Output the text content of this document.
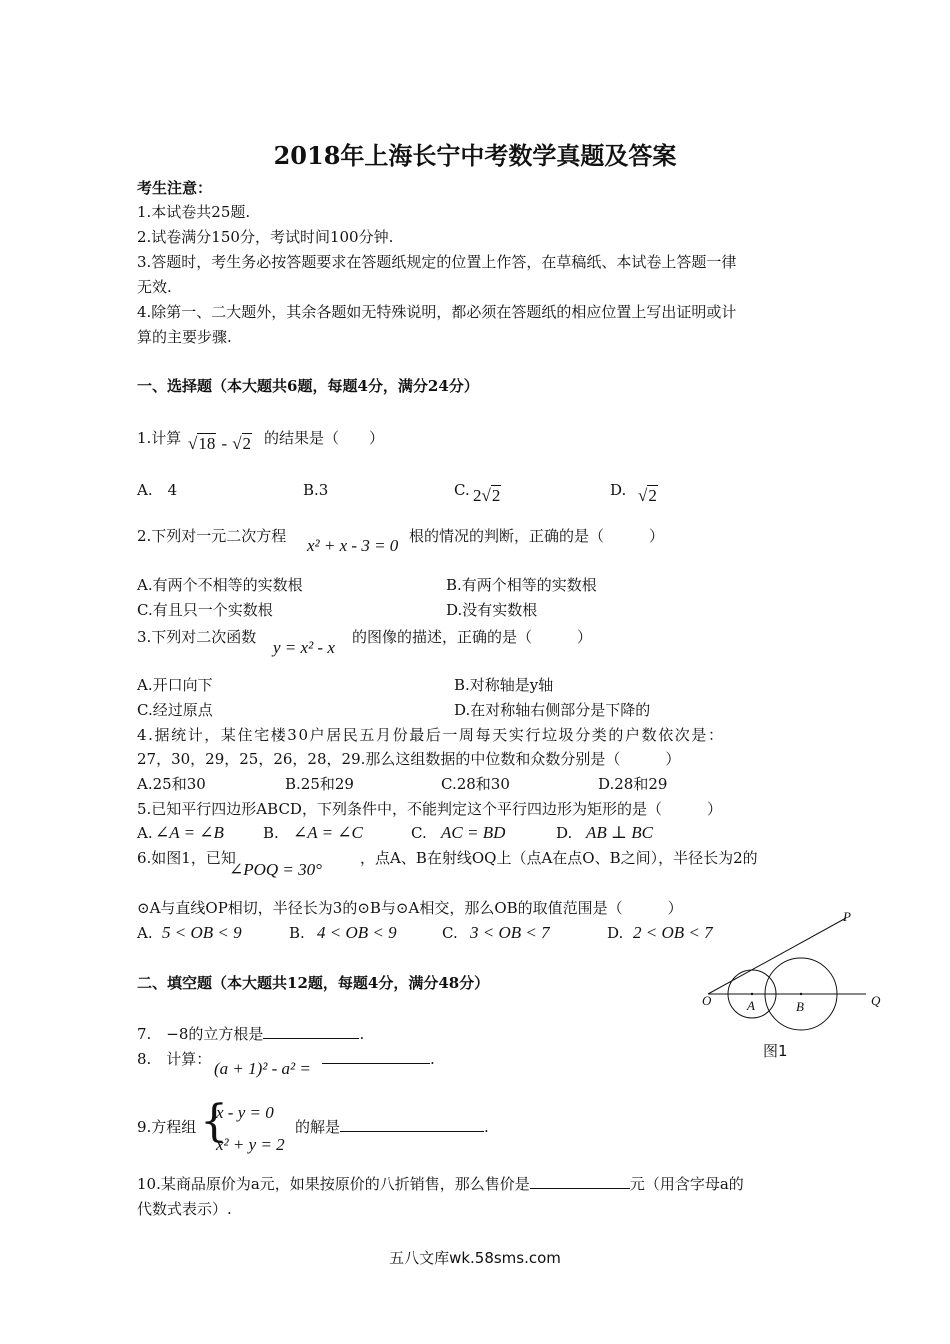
2018年上海长宁中考数学真题及答案
考生注意：
1.本试卷共25题.
2.试卷满分150分，考试时间100分钟.
3.答题时，考生务必按答题要求在答题纸规定的位置上作答，在草稿纸、本试卷上答题一律
无效.
4.除第一、二大题外，其余各题如无特殊说明，都必须在答题纸的相应位置上写出证明或计
算的主要步骤.
一、选择题（本大题共6题，每题4分，满分24分）
1.计算 √18 - √2 的结果是（　　）
A.　4	B.3	C. 2√2	D. √2
2.下列对一元二次方程 x² + x - 3 = 0 根的情况的判断，正确的是（　　　）
A.有两个不相等的实数根	B.有两个相等的实数根
C.有且只一个实数根	D.没有实数根
3.下列对二次函数
y = x² - x
的图像的描述，正确的是（　　　）
A.开口向下	B.对称轴是y轴
C.经过原点	D.在对称轴右侧部分是下降的
4.据统计，某住宅楼30户居民五月份最后一周每天实行垃圾分类的户数依次是：
27，30，29，25，26，28，29.那么这组数据的中位数和众数分别是（　　　）
A.25和30	B.25和29	C.28和30	D.28和29
5.已知平行四边形ABCD，下列条件中，不能判定这个平行四边形为矩形的是（　　　）
A. ∠A = ∠B	B. ∠A = ∠C	C. AC = BD	D. AB ⊥ BC
6.如图1，已知
∠POQ = 30°
，点A、B在射线OQ上（点A在点O、B之间），半径长为2的
⊙A与直线OP相切，半径长为3的⊙B与⊙A相交，那么OB的取值范围是（　　　）
A. 5 < OB < 9	B. 4 < OB < 9	C. 3 < OB < 7	D. 2 < OB < 7
P
O	A	B	Q
图1
二、填空题（本大题共12题，每题4分，满分48分）
7.　−8的立方根是	.
8.　计算： (a + 1)² - a² =	.
9.方程组 {
x - y = 0
x² + y = 2
的解是	.
10.某商品原价为a元，如果按原价的八折销售，那么售价是	元（用含字母a的
代数式表示）.
五八文库wk.58sms.com
